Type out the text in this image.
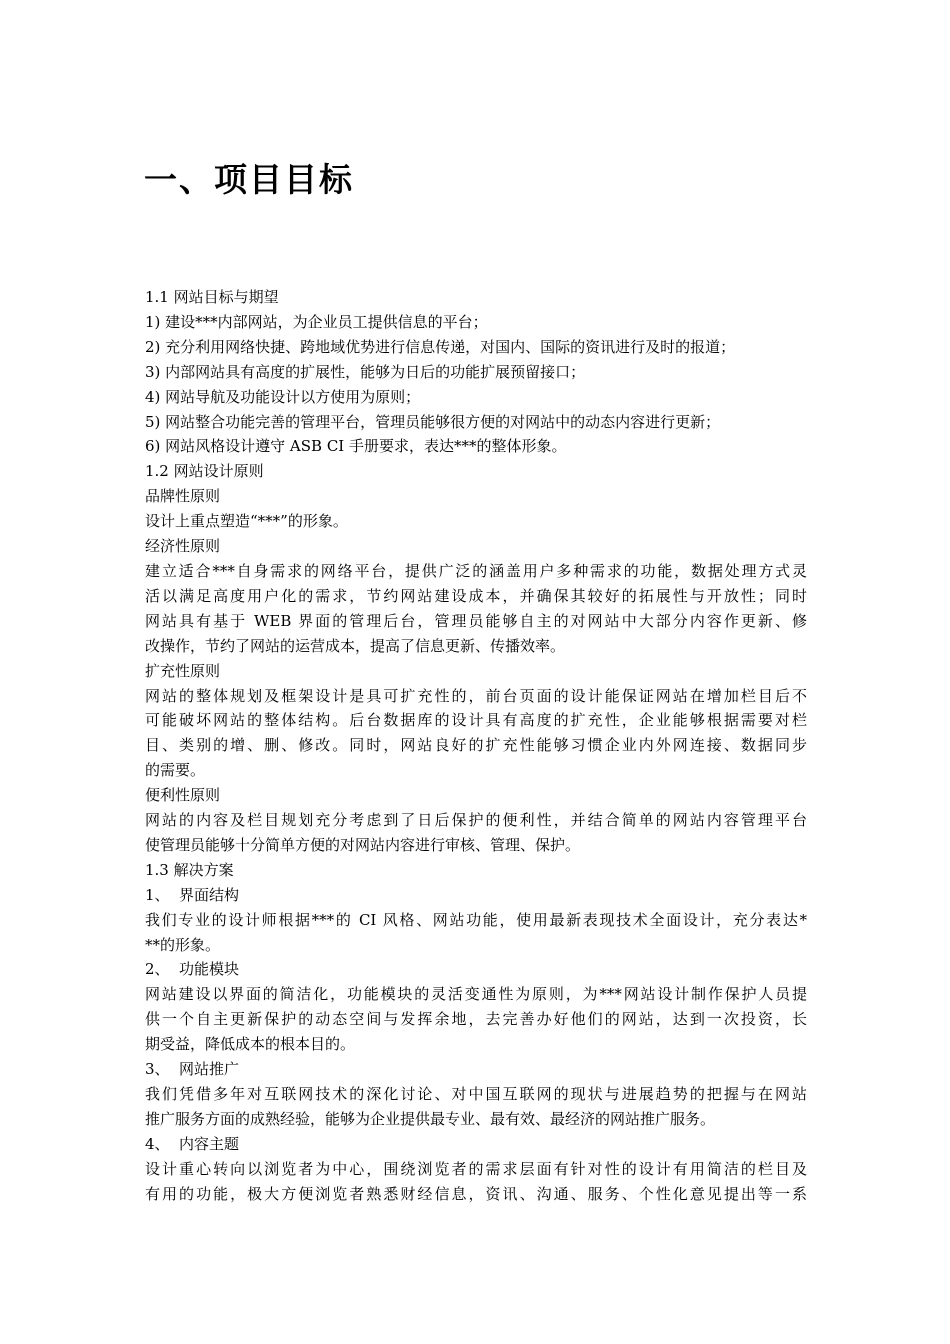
一、项目目标
1.1 网站目标与期望
1) 建设***内部网站，为企业员工提供信息的平台；
2) 充分利用网络快捷、跨地域优势进行信息传递，对国内、国际的资讯进行及时的报道；
3) 内部网站具有高度的扩展性，能够为日后的功能扩展预留接口；
4) 网站导航及功能设计以方使用为原则；
5) 网站整合功能完善的管理平台，管理员能够很方便的对网站中的动态内容进行更新；
6) 网站风格设计遵守 ASB CI 手册要求，表达***的整体形象。
1.2 网站设计原则
品牌性原则
设计上重点塑造“***”的形象。
经济性原则
建立适合***自身需求的网络平台，提供广泛的涵盖用户多种需求的功能，数据处理方式灵
活以满足高度用户化的需求，节约网站建设成本，并确保其较好的拓展性与开放性；同时
网站具有基于 WEB 界面的管理后台，管理员能够自主的对网站中大部分内容作更新、修
改操作，节约了网站的运营成本，提高了信息更新、传播效率。
扩充性原则
网站的整体规划及框架设计是具可扩充性的，前台页面的设计能保证网站在增加栏目后不
可能破坏网站的整体结构。后台数据库的设计具有高度的扩充性，企业能够根据需要对栏
目、类别的增、删、修改。同时，网站良好的扩充性能够习惯企业内外网连接、数据同步
的需要。
便利性原则
网站的内容及栏目规划充分考虑到了日后保护的便利性，并结合简单的网站内容管理平台
使管理员能够十分简单方便的对网站内容进行审核、管理、保护。
1.3 解决方案
1、 界面结构
我们专业的设计师根据***的 CI 风格、网站功能，使用最新表现技术全面设计，充分表达*
**的形象。
2、 功能模块
网站建设以界面的简洁化，功能模块的灵活变通性为原则，为***网站设计制作保护人员提
供一个自主更新保护的动态空间与发挥余地，去完善办好他们的网站，达到一次投资，长
期受益，降低成本的根本目的。
3、 网站推广
我们凭借多年对互联网技术的深化讨论、对中国互联网的现状与进展趋势的把握与在网站
推广服务方面的成熟经验，能够为企业提供最专业、最有效、最经济的网站推广服务。
4、 内容主题
设计重心转向以浏览者为中心，围绕浏览者的需求层面有针对性的设计有用简洁的栏目及
有用的功能，极大方便浏览者熟悉财经信息，资讯、沟通、服务、个性化意见提出等一系
